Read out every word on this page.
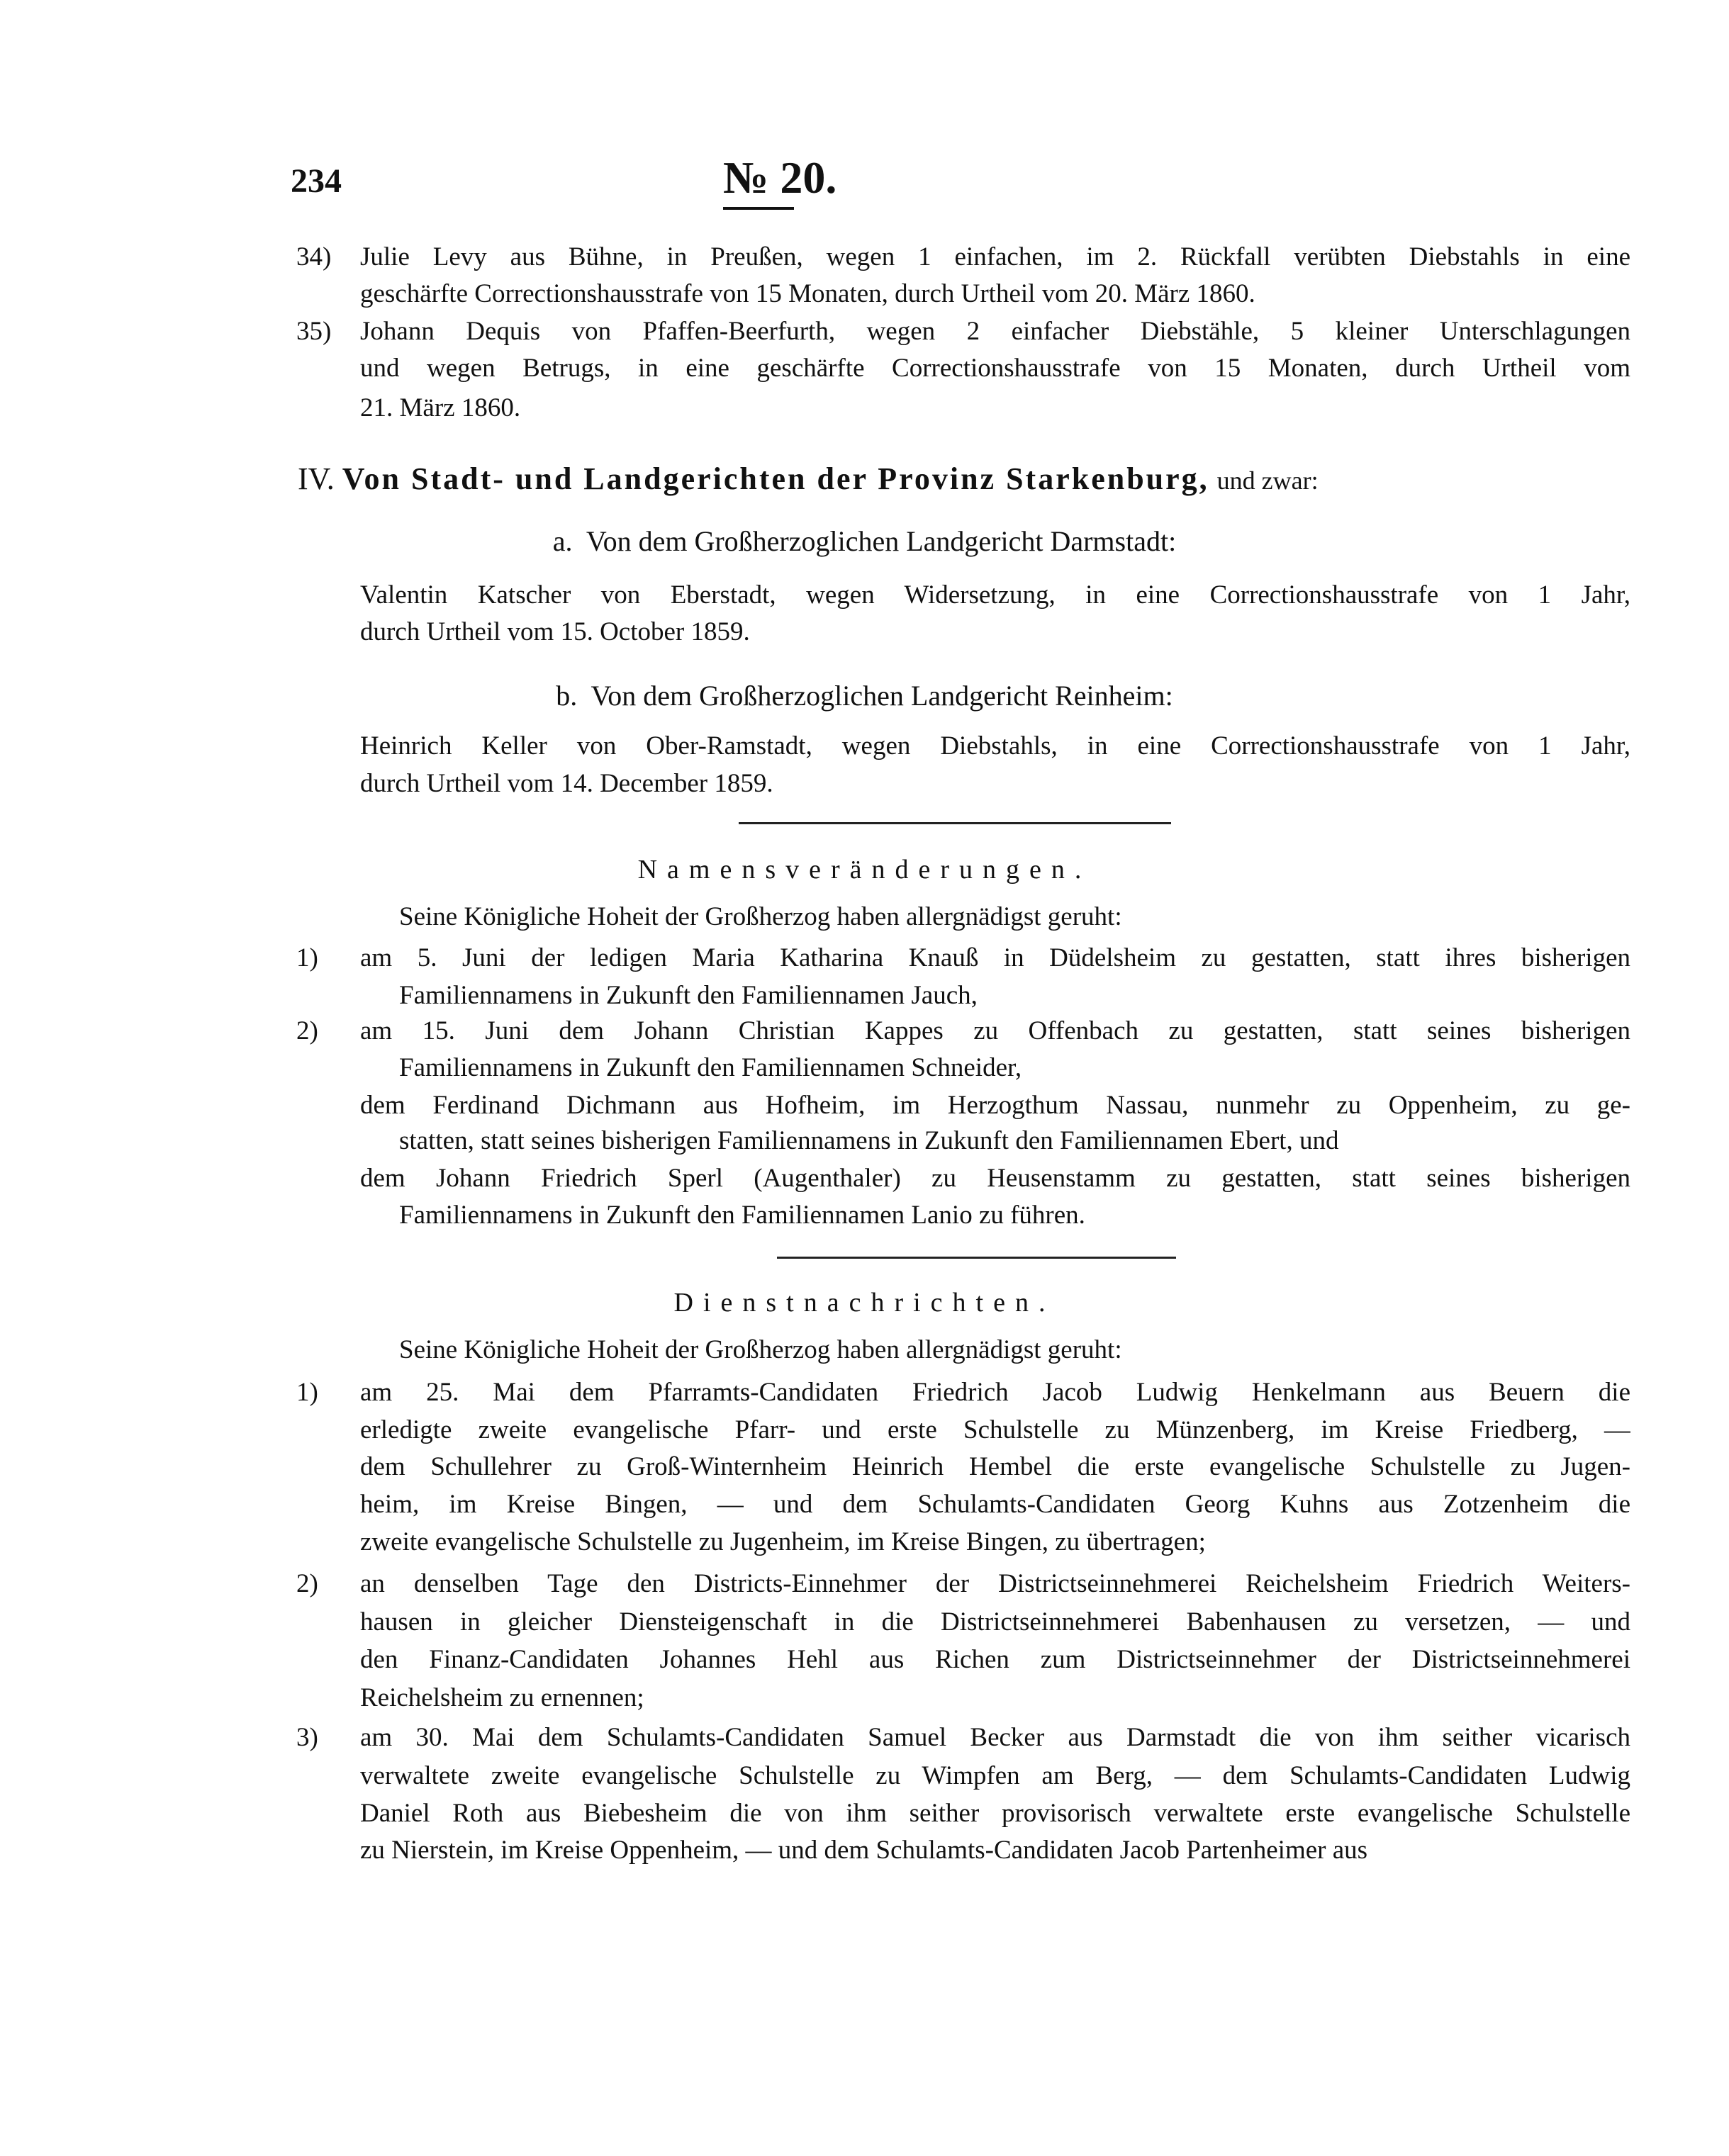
234	№ 20.
IV. Von Stadt- und Landgerichten der Provinz Starkenburg, und zwar:
a. Von dem Großherzoglichen Landgericht Darmstadt:
b. Von dem Großherzoglichen Landgericht Reinheim:
Namensveränderungen.
Seine Königliche Hoheit der Großherzog haben allergnädigst geruht:
Dienstnachrichten.
Seine Königliche Hoheit der Großherzog haben allergnädigst geruht:
34) Julie Levy aus Bühne, in Preußen, wegen 1 einfachen, im 2. Rückfall verübten Diebstahls in eine
geschärfte Correctionshausstrafe von 15 Monaten, durch Urtheil vom 20. März 1860.
35) Johann Dequis von Pfaffen-Beerfurth, wegen 2 einfacher Diebstähle, 5 kleiner Unterschlagungen
und wegen Betrugs, in eine geschärfte Correctionshausstrafe von 15 Monaten, durch Urtheil vom
21. März 1860.
Valentin Katscher von Eberstadt, wegen Widersetzung, in eine Correctionshausstrafe von 1 Jahr,
durch Urtheil vom 15. October 1859.
Heinrich Keller von Ober-Ramstadt, wegen Diebstahls, in eine Correctionshausstrafe von 1 Jahr,
durch Urtheil vom 14. December 1859.
1) am 5. Juni der ledigen Maria Katharina Knauß in Düdelsheim zu gestatten, statt ihres bisherigen
Familiennamens in Zukunft den Familiennamen Jauch,
2) am 15. Juni dem Johann Christian Kappes zu Offenbach zu gestatten, statt seines bisherigen
Familiennamens in Zukunft den Familiennamen Schneider,
dem Ferdinand Dichmann aus Hofheim, im Herzogthum Nassau, nunmehr zu Oppenheim, zu ge-
statten, statt seines bisherigen Familiennamens in Zukunft den Familiennamen Ebert, und
dem Johann Friedrich Sperl (Augenthaler) zu Heusenstamm zu gestatten, statt seines bisherigen
Familiennamens in Zukunft den Familiennamen Lanio zu führen.
1) am 25. Mai dem Pfarramts-Candidaten Friedrich Jacob Ludwig Henkelmann aus Beuern die
erledigte zweite evangelische Pfarr- und erste Schulstelle zu Münzenberg, im Kreise Friedberg, —
dem Schullehrer zu Groß-Winternheim Heinrich Hembel die erste evangelische Schulstelle zu Jugen-
heim, im Kreise Bingen, — und dem Schulamts-Candidaten Georg Kuhns aus Zotzenheim die
zweite evangelische Schulstelle zu Jugenheim, im Kreise Bingen, zu übertragen;
2) an denselben Tage den Districts-Einnehmer der Districtseinnehmerei Reichelsheim Friedrich Weiters-
hausen in gleicher Diensteigenschaft in die Districtseinnehmerei Babenhausen zu versetzen, — und
den Finanz-Candidaten Johannes Hehl aus Richen zum Districtseinnehmer der Districtseinnehmerei
Reichelsheim zu ernennen;
3) am 30. Mai dem Schulamts-Candidaten Samuel Becker aus Darmstadt die von ihm seither vicarisch
verwaltete zweite evangelische Schulstelle zu Wimpfen am Berg, — dem Schulamts-Candidaten Ludwig
Daniel Roth aus Biebesheim die von ihm seither provisorisch verwaltete erste evangelische Schulstelle
zu Nierstein, im Kreise Oppenheim, — und dem Schulamts-Candidaten Jacob Partenheimer aus
